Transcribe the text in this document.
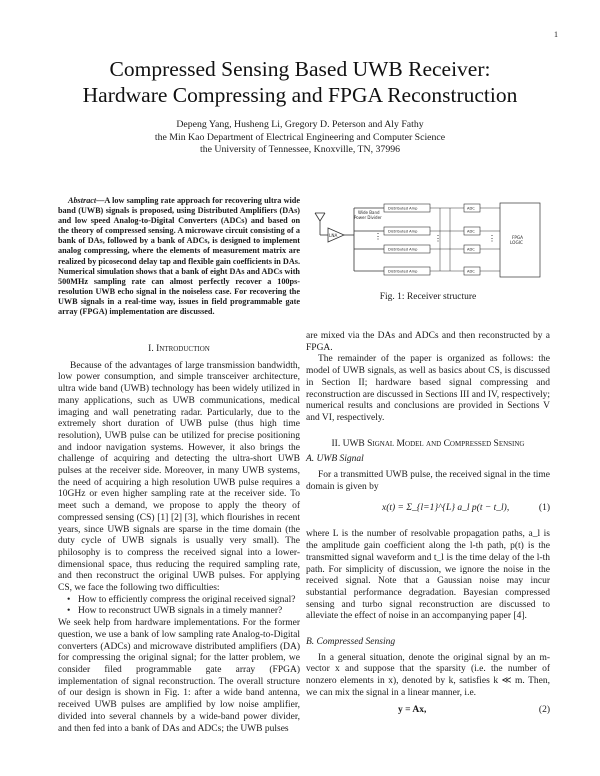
1
Compressed Sensing Based UWB Receiver:
Hardware Compressing and FPGA Reconstruction
Depeng Yang, Husheng Li, Gregory D. Peterson and Aly Fathy
the Min Kao Department of Electrical Engineering and Computer Science
the University of Tennessee, Knoxville, TN, 37996
Abstract—A low sampling rate approach for recovering ultra wide band (UWB) signals is proposed, using Distributed Amplifiers (DAs) and low speed Analog-to-Digital Converters (ADCs) and based on the theory of compressed sensing. A microwave circuit consisting of a bank of DAs, followed by a bank of ADCs, is designed to implement analog compressing, where the elements of measurement matrix are realized by picosecond delay tap and flexible gain coefficients in DAs. Numerical simulation shows that a bank of eight DAs and ADCs with 500MHz sampling rate can almost perfectly recover a 100ps-resolution UWB echo signal in the noiseless case. For recovering the UWB signals in a real-time way, issues in field programmable gate array (FPGA) implementation are discussed.

I. Introduction

Because of the advantages of large transmission bandwidth, low power consumption, and simple transceiver architecture, ultra wide band (UWB) technology has been widely utilized in many applications, such as UWB communications, medical imaging and wall penetrating radar. Particularly, due to the extremely short duration of UWB pulse (thus high time resolution), UWB pulse can be utilized for precise positioning and indoor navigation systems. However, it also brings the challenge of acquiring and detecting the ultra-short UWB pulses at the receiver side. Moreover, in many UWB systems, the need of acquiring a high resolution UWB pulse requires a 10GHz or even higher sampling rate at the receiver side. To meet such a demand, we propose to apply the theory of compressed sensing (CS) [1] [2] [3], which flourishes in recent years, since UWB signals are sparse in the time domain (the duty cycle of UWB signals is usually very small). The philosophy is to compress the received signal into a lower-dimensional space, thus reducing the required sampling rate, and then reconstruct the original UWB pulses. For applying CS, we face the following two difficulties:

• How to efficiently compress the original received signal?
• How to reconstruct UWB signals in a timely manner?

We seek help from hardware implementations. For the former question, we use a bank of low sampling rate Analog-to-Digital converters (ADCs) and microwave distributed amplifiers (DA) for compressing the original signal; for the latter problem, we consider filed programmable gate array (FPGA) implementation of signal reconstruction. The overall structure of our design is shown in Fig. 1: after a wide band antenna, received UWB pulses are amplified by low noise amplifier, divided into several channels by a wide-band power divider, and then fed into a bank of DAs and ADCs; the UWB pulses

LNA
Wide Band
Power Divider
⋮
Distributed Amp
Distributed Amp
Distributed Amp
Distributed Amp
⋮
ADC
ADC
ADC
ADC
⋮	FPGA
LOGIC
Fig. 1: Receiver structure

are mixed via the DAs and ADCs and then reconstructed by a FPGA.

The remainder of the paper is organized as follows: the model of UWB signals, as well as basics about CS, is discussed in Section II; hardware based signal compressing and reconstruction are discussed in Sections III and IV, respectively; numerical results and conclusions are provided in Sections V and VI, respectively.

II. UWB Signal Model and Compressed Sensing

A. UWB Signal

For a transmitted UWB pulse, the received signal in the time domain is given by

x(t) = Σ_{l=1}^{L} a_l p(t − t_l),	(1)

where L is the number of resolvable propagation paths, a_l is the amplitude gain coefficient along the l-th path, p(t) is the transmitted signal waveform and t_l is the time delay of the l-th path. For simplicity of discussion, we ignore the noise in the received signal. Note that a Gaussian noise may incur substantial performance degradation. Bayesian compressed sensing and turbo signal reconstruction are discussed to alleviate the effect of noise in an accompanying paper [4].

B. Compressed Sensing

In a general situation, denote the original signal by an m-vector x and suppose that the sparsity (i.e. the number of nonzero elements in x), denoted by k, satisfies k ≪ m. Then, we can mix the signal in a linear manner, i.e.

y = Ax,	(2)
